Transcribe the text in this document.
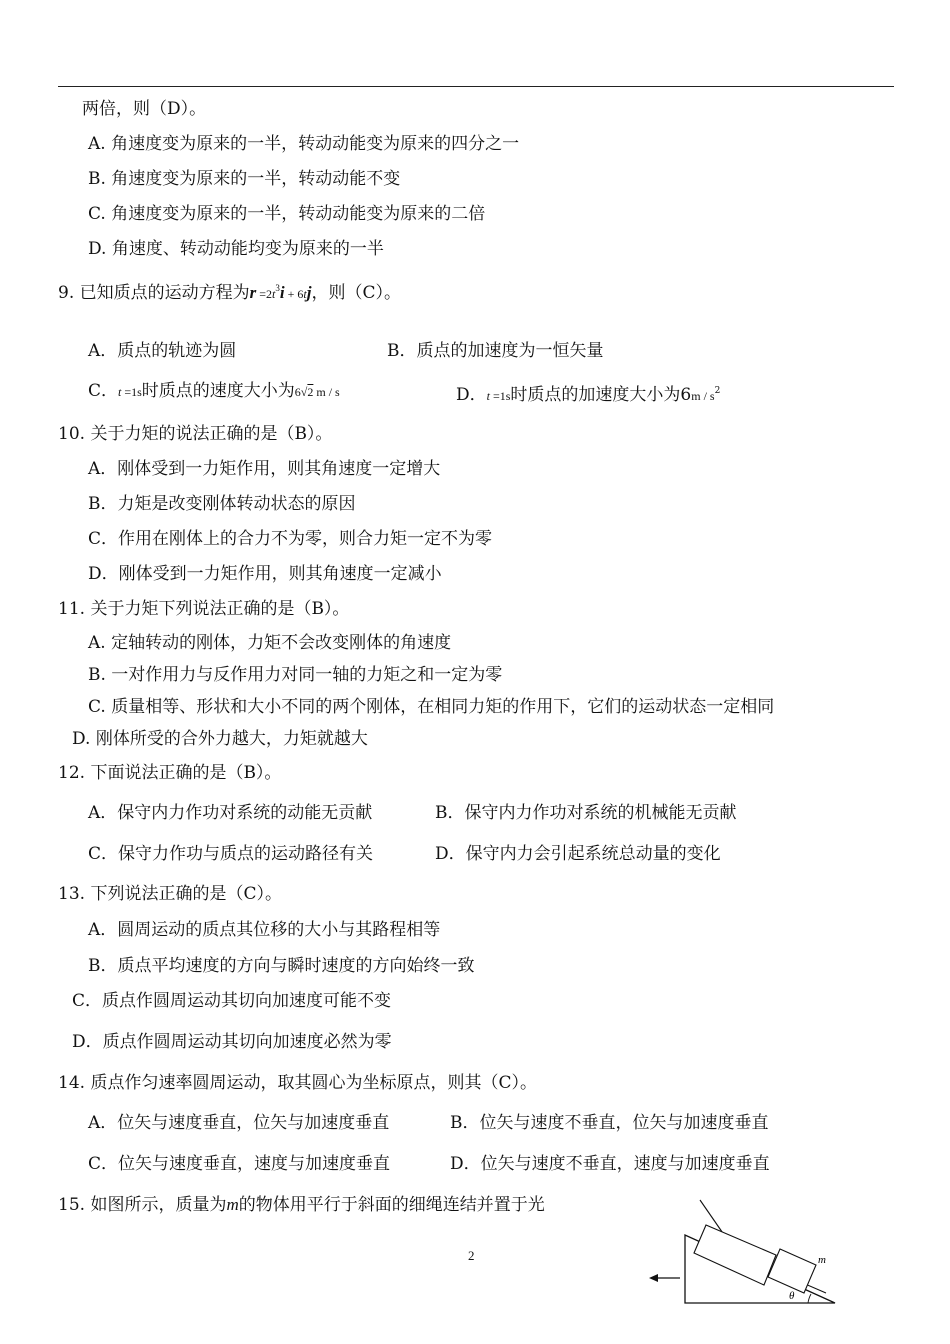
两倍，则（D）。
A. 角速度变为原来的一半，转动动能变为原来的四分之一
B. 角速度变为原来的一半，转动动能不变
C. 角速度变为原来的一半，转动动能变为原来的二倍
D. 角速度、转动动能均变为原来的一半
10. 关于力矩的说法正确的是（B）。
A．刚体受到一力矩作用，则其角速度一定增大
B．力矩是改变刚体转动状态的原因
C．作用在刚体上的合力不为零，则合力矩一定不为零
D．刚体受到一力矩作用，则其角速度一定减小
11. 关于力矩下列说法正确的是（B）。
A. 定轴转动的刚体，力矩不会改变刚体的角速度
B. 一对作用力与反作用力对同一轴的力矩之和一定为零
C. 质量相等、形状和大小不同的两个刚体，在相同力矩的作用下，它们的运动状态一定相同
D. 刚体所受的合外力越大，力矩就越大
12. 下面说法正确的是（B）。
A．保守内力作功对系统的动能无贡献	B．保守内力作功对系统的机械能无贡献
C．保守力作功与质点的运动路径有关	D．保守内力会引起系统总动量的变化
13. 下列说法正确的是（C）。
A．圆周运动的质点其位移的大小与其路程相等
B．质点平均速度的方向与瞬时速度的方向始终一致
C．质点作圆周运动其切向加速度可能不变
D．质点作圆周运动其切向加速度必然为零
14. 质点作匀速率圆周运动，取其圆心为坐标原点，则其（C）。
A．位矢与速度垂直，位矢与加速度垂直	B．位矢与速度不垂直，位矢与加速度垂直
C．位矢与速度垂直，速度与加速度垂直	D．位矢与速度不垂直，速度与加速度垂直
9. 已知质点的运动方程为$r =2t^3i + 6tj$，则（C）。
A．质点的轨迹为圆	B．质点的加速度为一恒矢量
C．t =1s时质点的速度大小为6√2 m / s	D．t =1s时质点的加速度大小为$6m / s^2$
15. 如图所示，质量为m的物体用平行于斜面的细绳连结并置于光
2	m
θ
